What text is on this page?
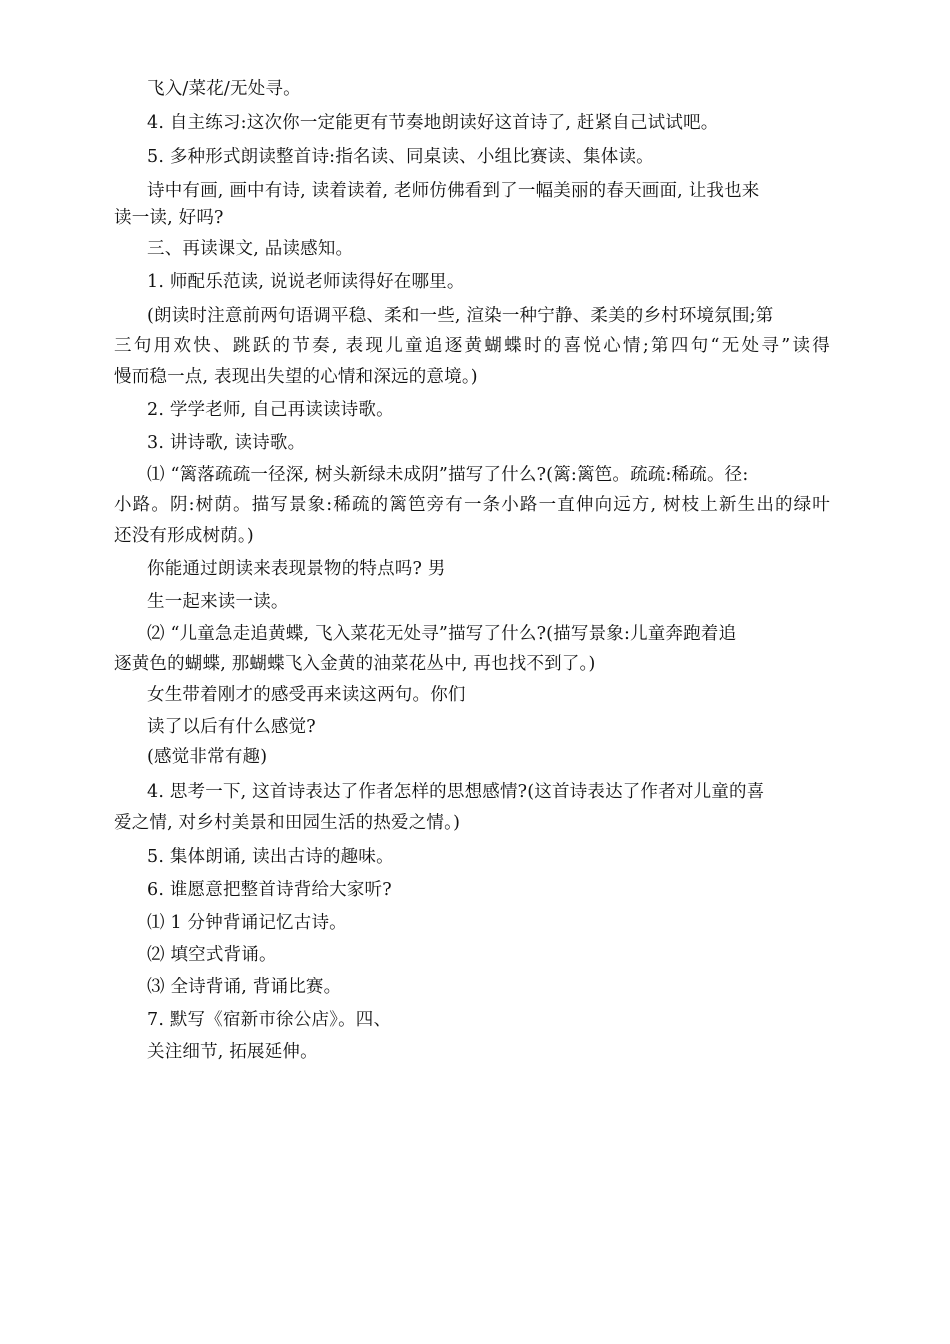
飞入/菜花/无处寻。
4. 自主练习:这次你一定能更有节奏地朗读好这首诗了, 赶紧自己试试吧。
5. 多种形式朗读整首诗:指名读、同桌读、小组比赛读、集体读。
诗中有画, 画中有诗, 读着读着, 老师仿佛看到了一幅美丽的春天画面, 让我也来
读一读, 好吗?
三、再读课文, 品读感知。
1. 师配乐范读, 说说老师读得好在哪里。
(朗读时注意前两句语调平稳、柔和一些, 渲染一种宁静、柔美的乡村环境氛围;第
三句用欢快、跳跃的节奏, 表现儿童追逐黄蝴蝶时的喜悦心情;第四句“无处寻”读得
慢而稳一点, 表现出失望的心情和深远的意境。)
2. 学学老师, 自己再读读诗歌。
3. 讲诗歌, 读诗歌。
⑴ “篱落疏疏一径深, 树头新绿未成阴”描写了什么?(篱:篱笆。疏疏:稀疏。径:
小路。阴:树荫。描写景象:稀疏的篱笆旁有一条小路一直伸向远方, 树枝上新生出的绿叶
还没有形成树荫。)
你能通过朗读来表现景物的特点吗? 男
生一起来读一读。
⑵ “儿童急走追黄蝶, 飞入菜花无处寻”描写了什么?(描写景象:儿童奔跑着追
逐黄色的蝴蝶, 那蝴蝶飞入金黄的油菜花丛中, 再也找不到了。)
女生带着刚才的感受再来读这两句。你们
读了以后有什么感觉?
(感觉非常有趣)
4. 思考一下, 这首诗表达了作者怎样的思想感情?(这首诗表达了作者对儿童的喜
爱之情, 对乡村美景和田园生活的热爱之情。)
5. 集体朗诵, 读出古诗的趣味。
6. 谁愿意把整首诗背给大家听?
⑴ 1 分钟背诵记忆古诗。
⑵ 填空式背诵。
⑶ 全诗背诵, 背诵比赛。
7. 默写《宿新市徐公店》。四、
关注细节, 拓展延伸。
